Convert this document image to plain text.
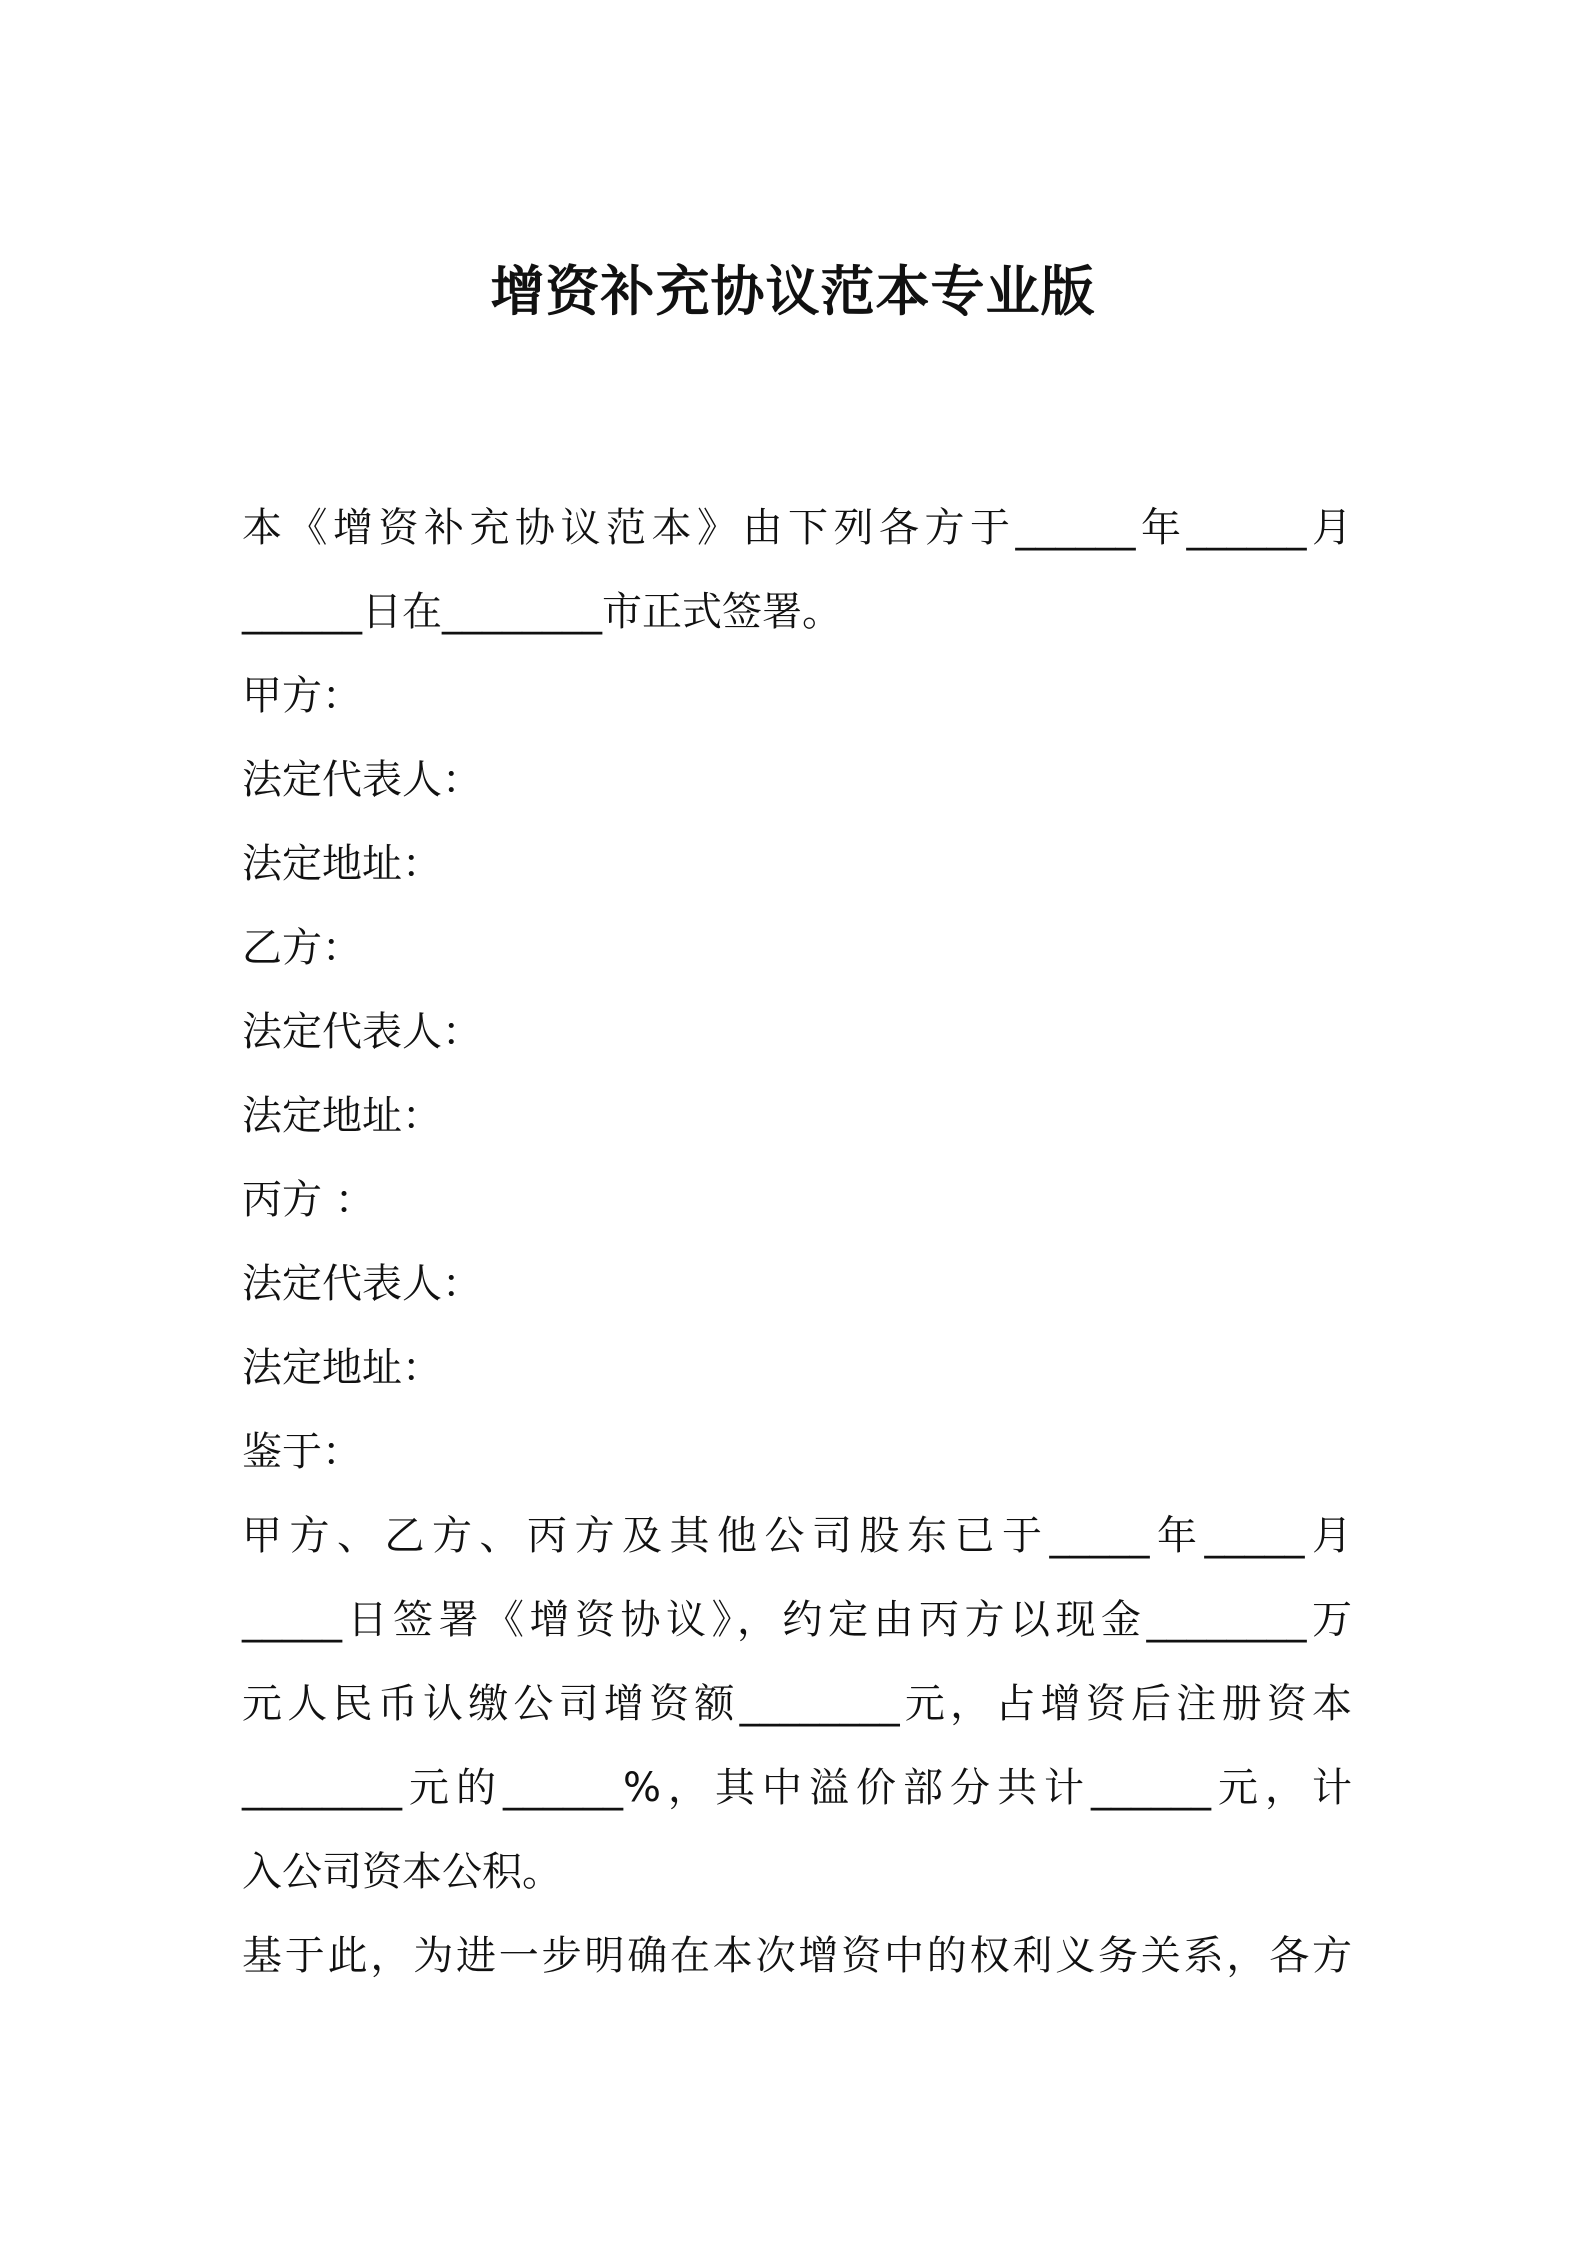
增资补充协议范本专业版
本《增资补充协议范本》由下列各方于______年______月
______日在________市正式签署。
甲方：
法定代表人：
法定地址：
乙方：
法定代表人：
法定地址：
丙方 ：
法定代表人：
法定地址：
鉴于：
甲方、乙方、丙方及其他公司股东已于_____年_____月
_____日签署《增资协议》，约定由丙方以现金________万
元人民币认缴公司增资额________元，占增资后注册资本
________元的______%，其中溢价部分共计______元，计
入公司资本公积。
基于此，为进一步明确在本次增资中的权利义务关系，各方
